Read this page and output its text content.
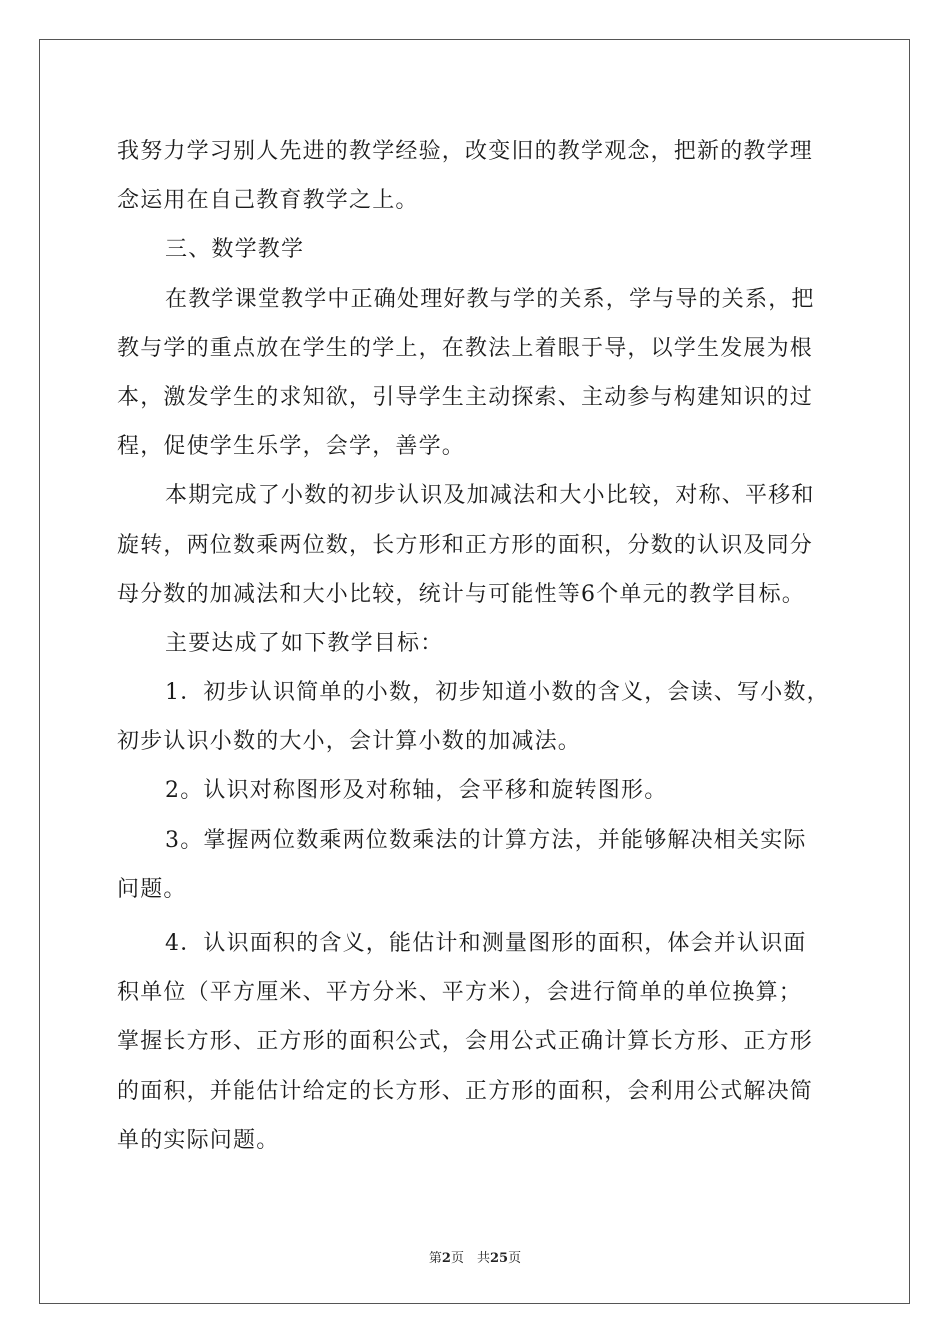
我努力学习别人先进的教学经验，改变旧的教学观念，把新的教学理
念运用在自己教育教学之上。
三、数学教学
在教学课堂教学中正确处理好教与学的关系，学与导的关系，把
教与学的重点放在学生的学上，在教法上着眼于导，以学生发展为根
本，激发学生的求知欲，引导学生主动探索、主动参与构建知识的过
程，促使学生乐学，会学，善学。
本期完成了小数的初步认识及加减法和大小比较，对称、平移和
旋转，两位数乘两位数，长方形和正方形的面积，分数的认识及同分
母分数的加减法和大小比较，统计与可能性等6个单元的教学目标。
主要达成了如下教学目标：
1．初步认识简单的小数，初步知道小数的含义，会读、写小数，
初步认识小数的大小，会计算小数的加减法。
2。认识对称图形及对称轴，会平移和旋转图形。
3。掌握两位数乘两位数乘法的计算方法，并能够解决相关实际
问题。
4．认识面积的含义，能估计和测量图形的面积，体会并认识面
积单位（平方厘米、平方分米、平方米），会进行简单的单位换算；
掌握长方形、正方形的面积公式，会用公式正确计算长方形、正方形
的面积，并能估计给定的长方形、正方形的面积，会利用公式解决简
单的实际问题。
第2页　共25页
